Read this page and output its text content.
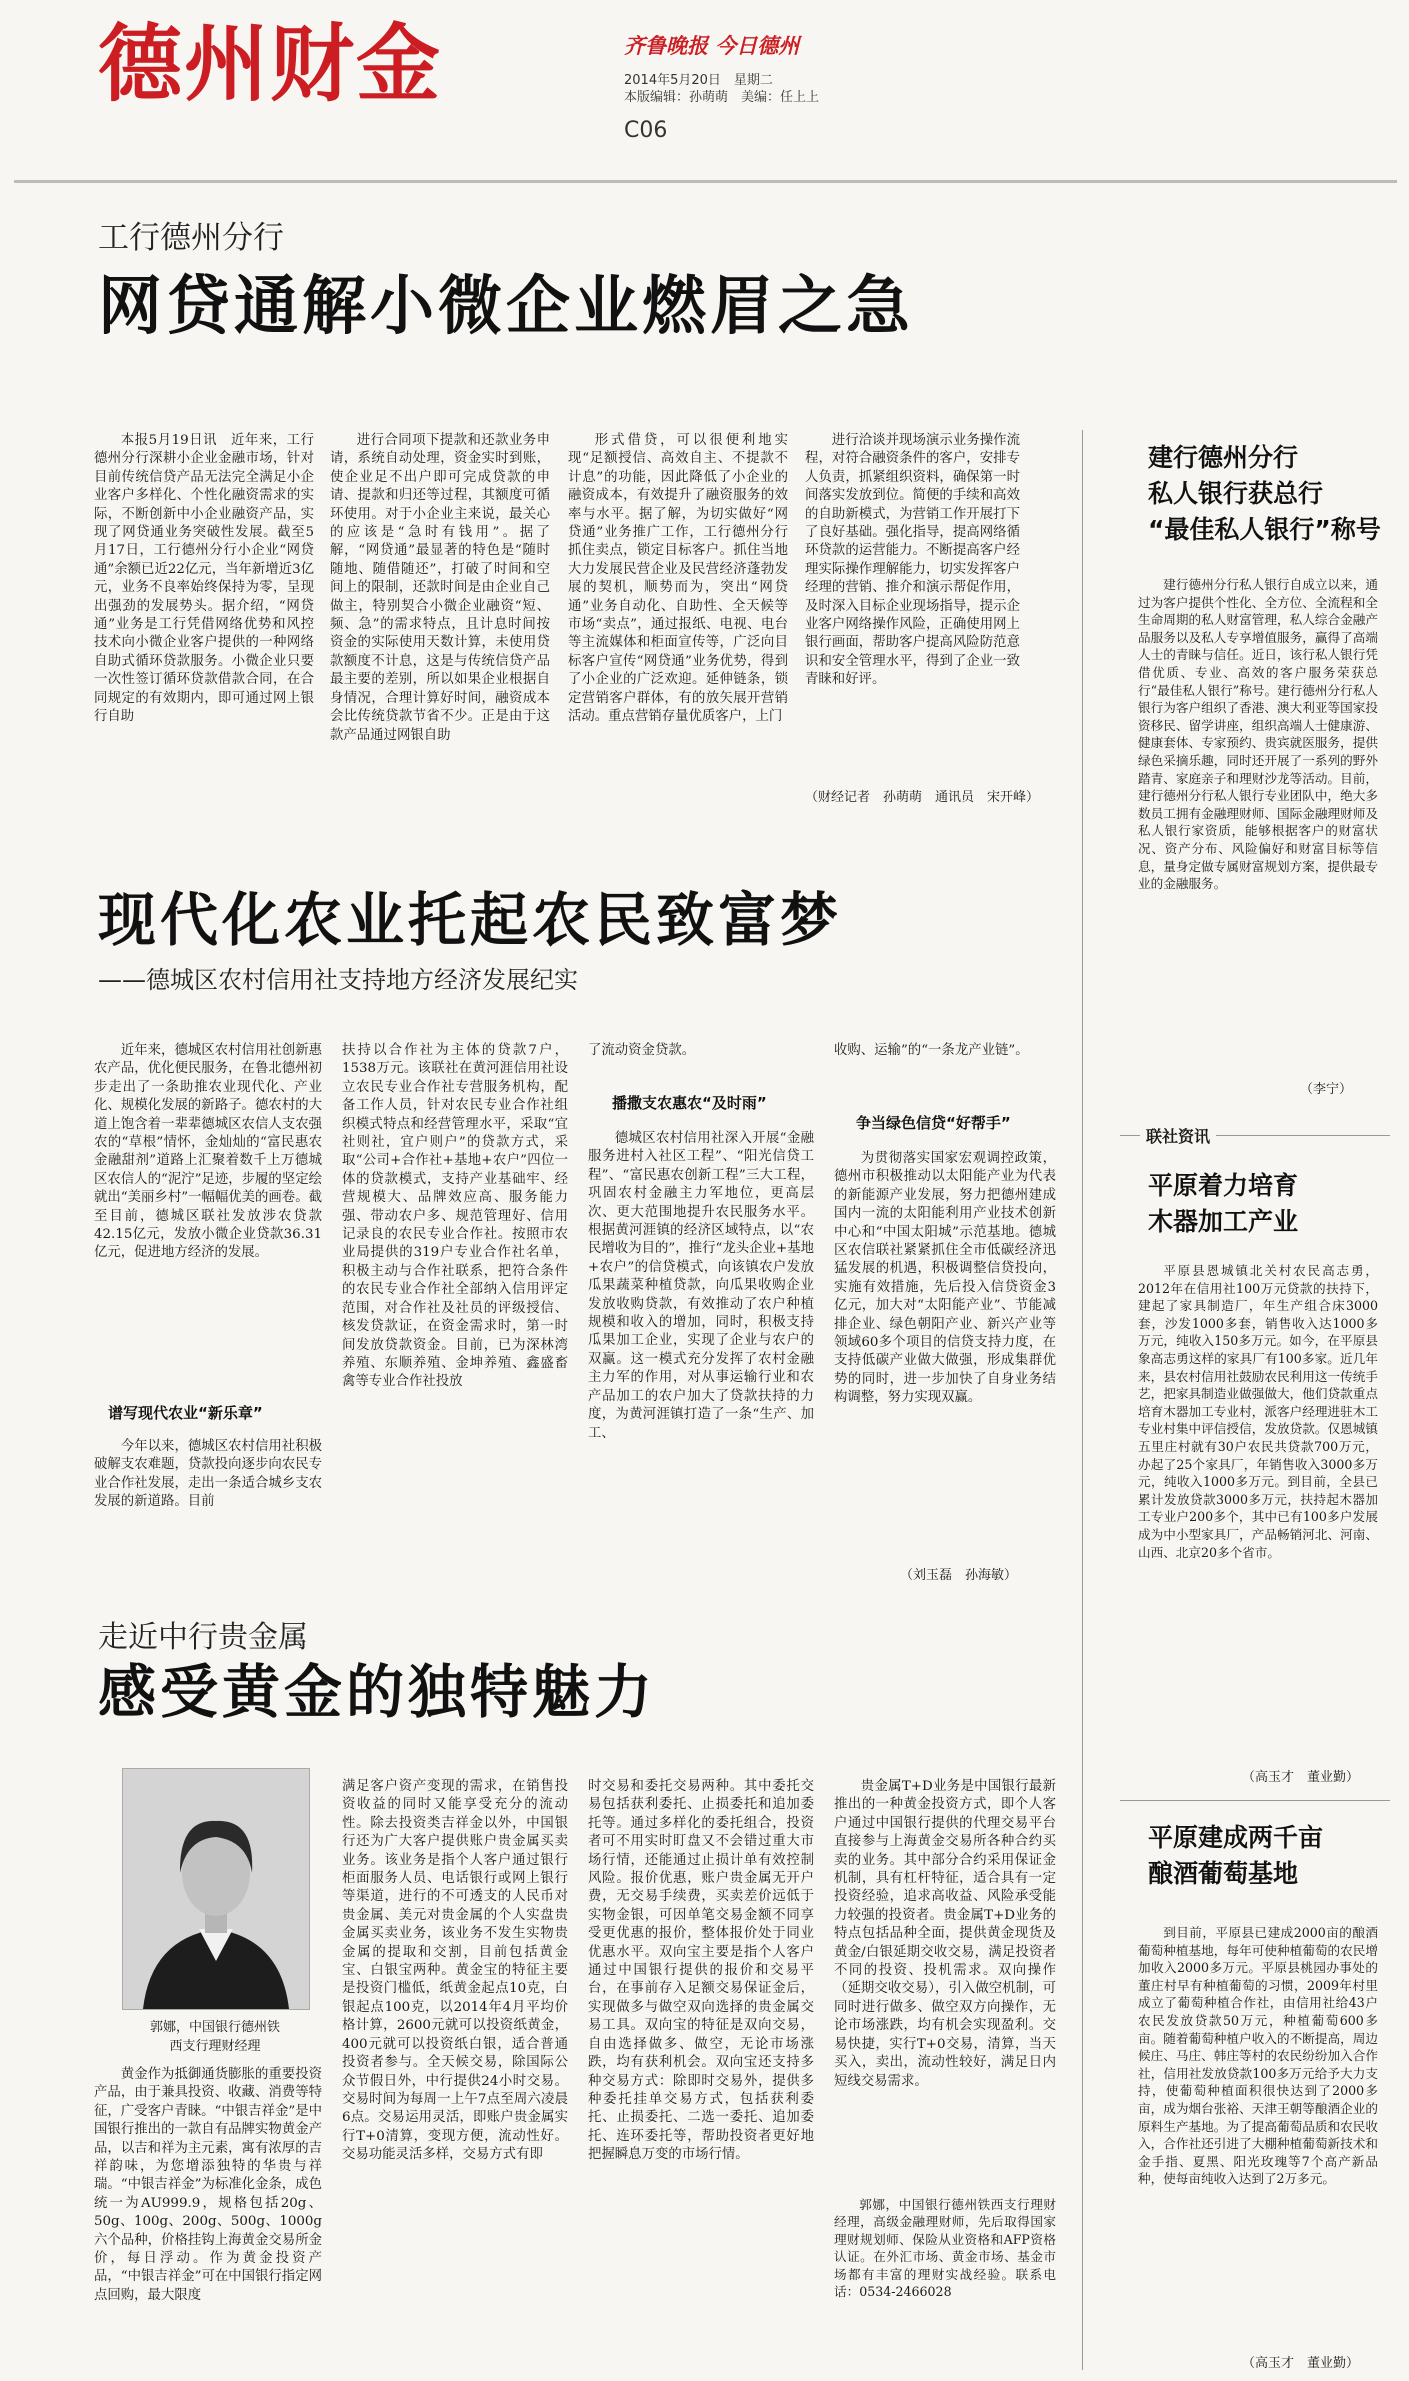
德州财金	齐鲁晚报 今日德州
2014年5月20日　星期二
本版编辑：孙萌萌　美编：任上上
C06
工行德州分行
网贷通解小微企业燃眉之急
本报5月19日讯　近年来，工行德州分行深耕小企业金融市场，针对目前传统信贷产品无法完全满足小企业客户多样化、个性化融资需求的实际，不断创新中小企业融资产品，实现了网贷通业务突破性发展。截至5月17日，工行德州分行小企业“网贷通”余额已近22亿元，当年新增近3亿元，业务不良率始终保持为零，呈现出强劲的发展势头。据介绍，“网贷通”业务是工行凭借网络优势和风控技术向小微企业客户提供的一种网络自助式循环贷款服务。小微企业只要一次性签订循环贷款借款合同，在合同规定的有效期内，即可通过网上银行自助
进行合同项下提款和还款业务申请，系统自动处理，资金实时到账，使企业足不出户即可完成贷款的申请、提款和归还等过程，其额度可循环使用。对于小企业主来说，最关心的应该是“急时有钱用”。据了解，“网贷通”最显著的特色是“随时随地、随借随还”，打破了时间和空间上的限制，还款时间是由企业自己做主，特别契合小微企业融资“短、频、急”的需求特点，且计息时间按资金的实际使用天数计算，未使用贷款额度不计息，这是与传统信贷产品最主要的差别，所以如果企业根据自身情况，合理计算好时间，融资成本会比传统贷款节省不少。正是由于这款产品通过网银自助
形式借贷，可以很便利地实现“足额授信、高效自主、不提款不计息”的功能，因此降低了小企业的融资成本，有效提升了融资服务的效率与水平。据了解，为切实做好“网贷通”业务推广工作，工行德州分行抓住卖点，锁定目标客户。抓住当地大力发展民营企业及民营经济蓬勃发展的契机，顺势而为，突出“网贷通”业务自动化、自助性、全天候等市场“卖点”，通过报纸、电视、电台等主流媒体和柜面宣传等，广泛向目标客户宣传“网贷通”业务优势，得到了小企业的广泛欢迎。延伸链条，锁定营销客户群体，有的放矢展开营销活动。重点营销存量优质客户，上门
进行洽谈并现场演示业务操作流程，对符合融资条件的客户，安排专人负责，抓紧组织资料，确保第一时间落实发放到位。简便的手续和高效的自助新模式，为营销工作开展打下了良好基础。强化指导，提高网络循环贷款的运营能力。不断提高客户经理实际操作理解能力，切实发挥客户经理的营销、推介和演示帮促作用，及时深入目标企业现场指导，提示企业客户网络操作风险，正确使用网上银行画面，帮助客户提高风险防范意识和安全管理水平，得到了企业一致青睐和好评。
（财经记者　孙萌萌　通讯员　宋开峰）
现代化农业托起农民致富梦
——德城区农村信用社支持地方经济发展纪实
近年来，德城区农村信用社创新惠农产品，优化便民服务，在鲁北德州初步走出了一条助推农业现代化、产业化、规模化发展的新路子。德农村的大道上饱含着一辈辈德城区农信人支农强农的“草根”情怀，金灿灿的“富民惠农金融甜剂”道路上汇聚着数千上万德城区农信人的“泥泞”足迹，步履的坚定绘就出“美丽乡村”一幅幅优美的画卷。截至目前，德城区联社发放涉农贷款42.15亿元，发放小微企业贷款36.31亿元，促进地方经济的发展。
谱写现代农业“新乐章”
今年以来，德城区农村信用社积极破解支农难题，贷款投向逐步向农民专业合作社发展，走出一条适合城乡支农发展的新道路。目前
扶持以合作社为主体的贷款7户，1538万元。该联社在黄河涯信用社设立农民专业合作社专营服务机构，配备工作人员，针对农民专业合作社组织模式特点和经营管理水平，采取“宜社则社，宜户则户”的贷款方式，采取“公司+合作社+基地+农户”四位一体的贷款模式，支持产业基础牢、经营规模大、品牌效应高、服务能力强、带动农户多、规范管理好、信用记录良的农民专业合作社。按照市农业局提供的319户专业合作社名单，积极主动与合作社联系，把符合条件的农民专业合作社全部纳入信用评定范围，对合作社及社员的评级授信、核发贷款证，在资金需求时，第一时间发放贷款资金。目前，已为深林湾养殖、东顺养殖、金坤养殖、鑫盛畜禽等专业合作社投放
了流动资金贷款。
播撒支农惠农“及时雨”
德城区农村信用社深入开展“金融服务进村入社区工程”、“阳光信贷工程”、“富民惠农创新工程”三大工程，巩固农村金融主力军地位，更高层次、更大范围地提升农民服务水平。根据黄河涯镇的经济区域特点，以“农民增收为目的”，推行“龙头企业+基地+农户”的信贷模式，向该镇农户发放瓜果蔬菜种植贷款，向瓜果收购企业发放收购贷款，有效推动了农户种植规模和收入的增加，同时，积极支持瓜果加工企业，实现了企业与农户的双赢。这一模式充分发挥了农村金融主力军的作用，对从事运输行业和农产品加工的农户加大了贷款扶持的力度，为黄河涯镇打造了一条“生产、加工、
收购、运输”的“一条龙产业链”。
争当绿色信贷“好帮手”
为贯彻落实国家宏观调控政策，德州市积极推动以太阳能产业为代表的新能源产业发展，努力把德州建成国内一流的太阳能利用产业技术创新中心和“中国太阳城”示范基地。德城区农信联社紧紧抓住全市低碳经济迅猛发展的机遇，积极调整信贷投向，实施有效措施，先后投入信贷资金3亿元，加大对“太阳能产业”、节能减排企业、绿色朝阳产业、新兴产业等领域60多个项目的信贷支持力度，在支持低碳产业做大做强，形成集群优势的同时，进一步加快了自身业务结构调整，努力实现双赢。
（刘玉磊　孙海敏）
走近中行贵金属
感受黄金的独特魅力
郭娜，中国银行德州铁
西支行理财经理
黄金作为抵御通货膨胀的重要投资产品，由于兼具投资、收藏、消费等特征，广受客户青睐。“中银吉祥金”是中国银行推出的一款自有品牌实物黄金产品，以吉和祥为主元素，寓有浓厚的吉祥韵味，为您增添独特的华贵与祥瑞。“中银吉祥金”为标准化金条，成色统一为AU999.9，规格包括20g、50g、100g、200g、500g、1000g六个品种，价格挂钩上海黄金交易所金价，每日浮动。作为黄金投资产品，“中银吉祥金”可在中国银行指定网点回购，最大限度
满足客户资产变现的需求，在销售投资收益的同时又能享受充分的流动性。除去投资类吉祥金以外，中国银行还为广大客户提供账户贵金属买卖业务。该业务是指个人客户通过银行柜面服务人员、电话银行或网上银行等渠道，进行的不可透支的人民币对贵金属、美元对贵金属的个人实盘贵金属买卖业务，该业务不发生实物贵金属的提取和交割，目前包括黄金宝、白银宝两种。黄金宝的特征主要是投资门槛低，纸黄金起点10克，白银起点100克，以2014年4月平均价格计算，2600元就可以投资纸黄金，400元就可以投资纸白银，适合普通投资者参与。全天候交易，除国际公众节假日外，中行提供24小时交易。交易时间为每周一上午7点至周六凌晨6点。交易运用灵活，即账户贵金属实行T+0清算，变现方便，流动性好。交易功能灵活多样，交易方式有即
时交易和委托交易两种。其中委托交易包括获利委托、止损委托和追加委托等。通过多样化的委托组合，投资者可不用实时盯盘又不会错过重大市场行情，还能通过止损计单有效控制风险。报价优惠，账户贵金属无开户费，无交易手续费，买卖差价远低于实物金银，可因单笔交易金额不同享受更优惠的报价，整体报价处于同业优惠水平。双向宝主要是指个人客户通过中国银行提供的报价和交易平台，在事前存入足额交易保证金后，实现做多与做空双向选择的贵金属交易工具。双向宝的特征是双向交易，自由选择做多、做空，无论市场涨跌，均有获利机会。双向宝还支持多种交易方式：除即时交易外，提供多种委托挂单交易方式，包括获利委托、止损委托、二选一委托、追加委托、连环委托等，帮助投资者更好地把握瞬息万变的市场行情。
贵金属T+D业务是中国银行最新推出的一种黄金投资方式，即个人客户通过中国银行提供的代理交易平台直接参与上海黄金交易所各种合约买卖的业务。其中部分合约采用保证金机制，具有杠杆特征，适合具有一定投资经验，追求高收益、风险承受能力较强的投资者。贵金属T+D业务的特点包括品种全面，提供黄金现货及黄金/白银延期交收交易，满足投资者不同的投资、投机需求。双向操作（延期交收交易），引入做空机制，可同时进行做多、做空双方向操作，无论市场涨跌，均有机会实现盈利。交易快捷，实行T+0交易，清算，当天买入，卖出，流动性较好，满足日内短线交易需求。
郭娜，中国银行德州铁西支行理财经理，高级金融理财师，先后取得国家理财规划师、保险从业资格和AFP资格认证。在外汇市场、黄金市场、基金市场都有丰富的理财实战经验。联系电话：0534-2466028
建行德州分行
私人银行获总行
“最佳私人银行”称号
建行德州分行私人银行自成立以来，通过为客户提供个性化、全方位、全流程和全生命周期的私人财富管理，私人综合金融产品服务以及私人专享增值服务，赢得了高端人士的青睐与信任。近日，该行私人银行凭借优质、专业、高效的客户服务荣获总行“最佳私人银行”称号。建行德州分行私人银行为客户组织了香港、澳大利亚等国家投资移民、留学讲座，组织高端人士健康游、健康套体、专家预约、贵宾就医服务，提供绿色采摘乐趣，同时还开展了一系列的野外踏青、家庭亲子和理财沙龙等活动。目前，建行德州分行私人银行专业团队中，绝大多数员工拥有金融理财师、国际金融理财师及私人银行家资质，能够根据客户的财富状况、资产分布、风险偏好和财富目标等信息，量身定做专属财富规划方案，提供最专业的金融服务。
（李宁）
联社资讯
平原着力培育
木器加工产业
平原县恩城镇北关村农民高志勇，2012年在信用社100万元贷款的扶持下，建起了家具制造厂，年生产组合床3000套，沙发1000多套，销售收入达1000多万元，纯收入150多万元。如今，在平原县象高志勇这样的家具厂有100多家。近几年来，县农村信用社鼓励农民利用这一传统手艺，把家具制造业做强做大，他们贷款重点培育木器加工专业村，派客户经理进驻木工专业村集中评信授信，发放贷款。仅恩城镇五里庄村就有30户农民共贷款700万元，办起了25个家具厂，年销售收入3000多万元，纯收入1000多万元。到目前，全县已累计发放贷款3000多万元，扶持起木器加工专业户200多个，其中已有100多户发展成为中小型家具厂，产品畅销河北、河南、山西、北京20多个省市。
（高玉才　董业勤）
平原建成两千亩
酿酒葡萄基地
到目前，平原县已建成2000亩的酿酒葡萄种植基地，每年可使种植葡萄的农民增加收入2000多万元。平原县桃园办事处的董庄村早有种植葡萄的习惯，2009年村里成立了葡萄种植合作社，由信用社给43户农民发放贷款50万元，种植葡萄600多亩。随着葡萄种植户收入的不断提高，周边候庄、马庄、韩庄等村的农民纷纷加入合作社，信用社发放贷款100多万元给予大力支持，使葡萄种植面积很快达到了2000多亩，成为烟台张裕、天津王朝等酿酒企业的原料生产基地。为了提高葡萄品质和农民收入，合作社还引进了大棚种植葡萄新技术和金手指、夏黑、阳光玫瑰等7个高产新品种，使每亩纯收入达到了2万多元。
（高玉才　董业勤）
